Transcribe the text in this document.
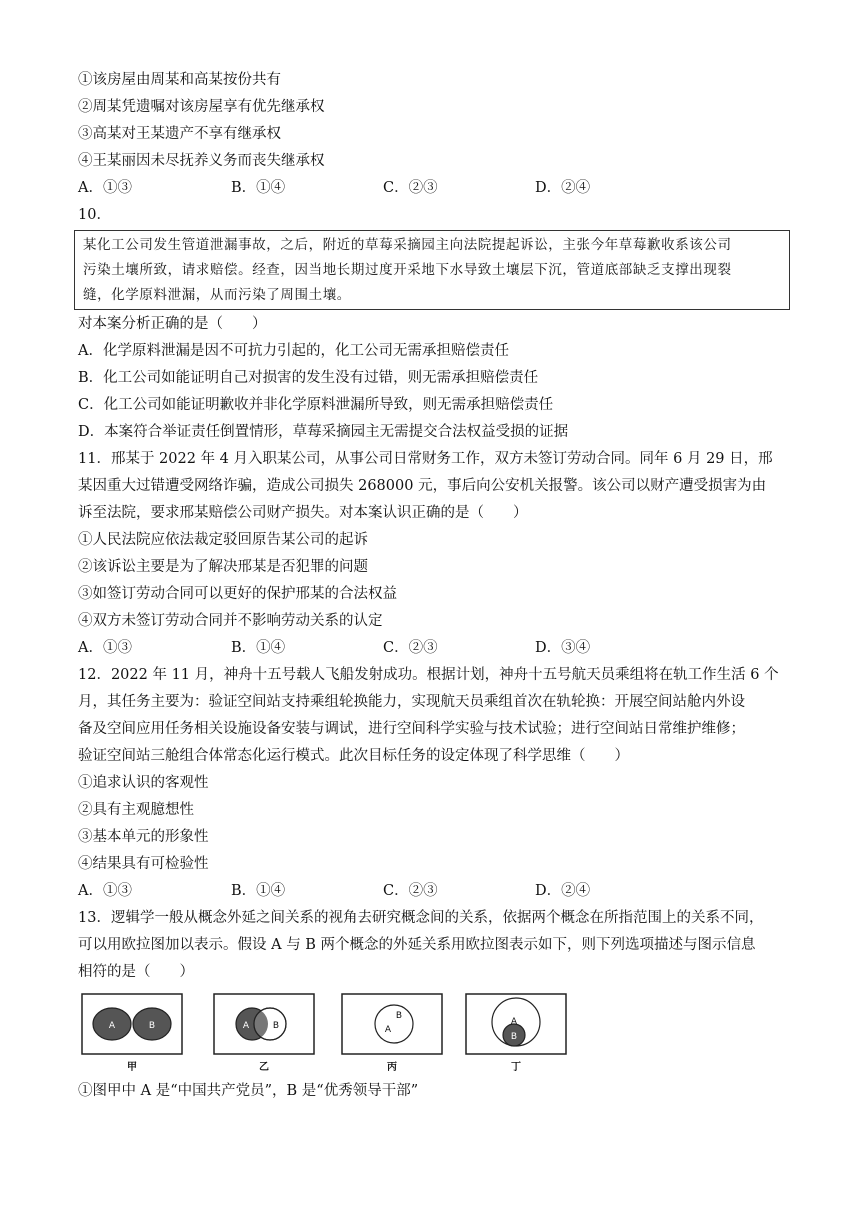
①该房屋由周某和高某按份共有
②周某凭遗嘱对该房屋享有优先继承权
③高某对王某遗产不享有继承权
④王某丽因未尽抚养义务而丧失继承权
A．①③	B．①④	C．②③	D．②④
10．
某化工公司发生管道泄漏事故，之后，附近的草莓采摘园主向法院提起诉讼，主张今年草莓歉收系该公司
污染土壤所致，请求赔偿。经查，因当地长期过度开采地下水导致土壤层下沉，管道底部缺乏支撑出现裂
缝，化学原料泄漏，从而污染了周围土壤。
对本案分析正确的是（　　）
A．化学原料泄漏是因不可抗力引起的，化工公司无需承担赔偿责任
B．化工公司如能证明自己对损害的发生没有过错，则无需承担赔偿责任
C．化工公司如能证明歉收并非化学原料泄漏所导致，则无需承担赔偿责任
D．本案符合举证责任倒置情形，草莓采摘园主无需提交合法权益受损的证据
11．邢某于 2022 年 4 月入职某公司，从事公司日常财务工作，双方未签订劳动合同。同年 6 月 29 日，邢
某因重大过错遭受网络诈骗，造成公司损失 268000 元，事后向公安机关报警。该公司以财产遭受损害为由
诉至法院，要求邢某赔偿公司财产损失。对本案认识正确的是（　　）
①人民法院应依法裁定驳回原告某公司的起诉
②该诉讼主要是为了解决邢某是否犯罪的问题
③如签订劳动合同可以更好的保护邢某的合法权益
④双方未签订劳动合同并不影响劳动关系的认定
A．①③	B．①④	C．②③	D．③④
12．2022 年 11 月，神舟十五号载人飞船发射成功。根据计划，神舟十五号航天员乘组将在轨工作生活 6 个
月，其任务主要为：验证空间站支持乘组轮换能力，实现航天员乘组首次在轨轮换：开展空间站舱内外设
备及空间应用任务相关设施设备安装与调试，进行空间科学实验与技术试验；进行空间站日常维护维修；
验证空间站三舱组合体常态化运行模式。此次目标任务的设定体现了科学思维（　　）
①追求认识的客观性
②具有主观臆想性
③基本单元的形象性
④结果具有可检验性
A．①③	B．①④	C．②③	D．②④
13．逻辑学一般从概念外延之间关系的视角去研究概念间的关系，依据两个概念在所指范围上的关系不同，
可以用欧拉图加以表示。假设 A 与 B 两个概念的外延关系用欧拉图表示如下，则下列选项描述与图示信息
相符的是（　　）
A	B
甲
A	B
乙
A
B
丙
A
B
丁
①图甲中 A 是“中国共产党员”，B 是“优秀领导干部”
